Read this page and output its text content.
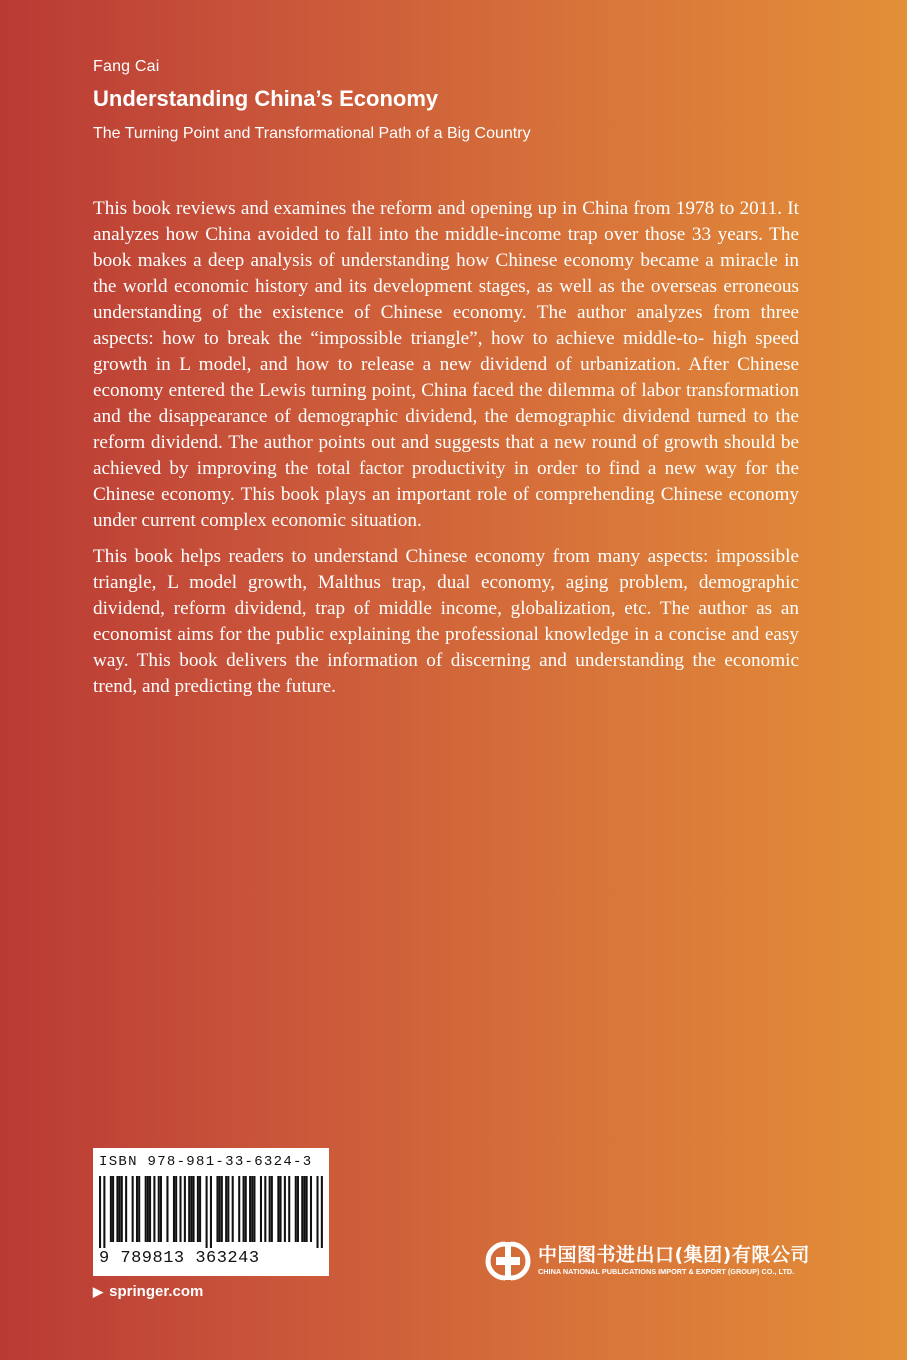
Fang Cai
Understanding China’s Economy
The Turning Point and Transformational Path of a Big Country

This book reviews and examines the reform and opening up in China from 1978 to 2011. It analyzes how China avoided to fall into the middle-income trap over those 33 years. The book makes a deep analysis of understanding how Chinese economy became a miracle in the world economic history and its development stages, as well as the overseas erroneous understanding of the existence of Chinese economy. The author analyzes from three aspects: how to break the “impossible triangle”, how to achieve middle-to- high speed growth in L model, and how to release a new dividend of urbanization. After Chinese economy entered the Lewis turning point, China faced the dilemma of labor transformation and the disappearance of demographic dividend, the demographic dividend turned to the reform dividend. The author points out and suggests that a new round of growth should be achieved by improving the total factor productivity in order to find a new way for the Chinese economy. This book plays an important role of comprehending Chinese economy under current complex economic situation.

This book helps readers to understand Chinese economy from many aspects: impossible triangle, L model growth, Malthus trap, dual economy, aging problem, demographic dividend, reform dividend, trap of middle income, globalization, etc. The author as an economist aims for the public explaining the professional knowledge in a concise and easy way. This book delivers the information of discerning and understanding the economic trend, and predicting the future.

ISBN 978-981-33-6324-3
9 789813 363243
▶ springer.com
中国图书进出口(集团)有限公司
CHINA NATIONAL PUBLICATIONS IMPORT & EXPORT (GROUP) CO., LTD.
